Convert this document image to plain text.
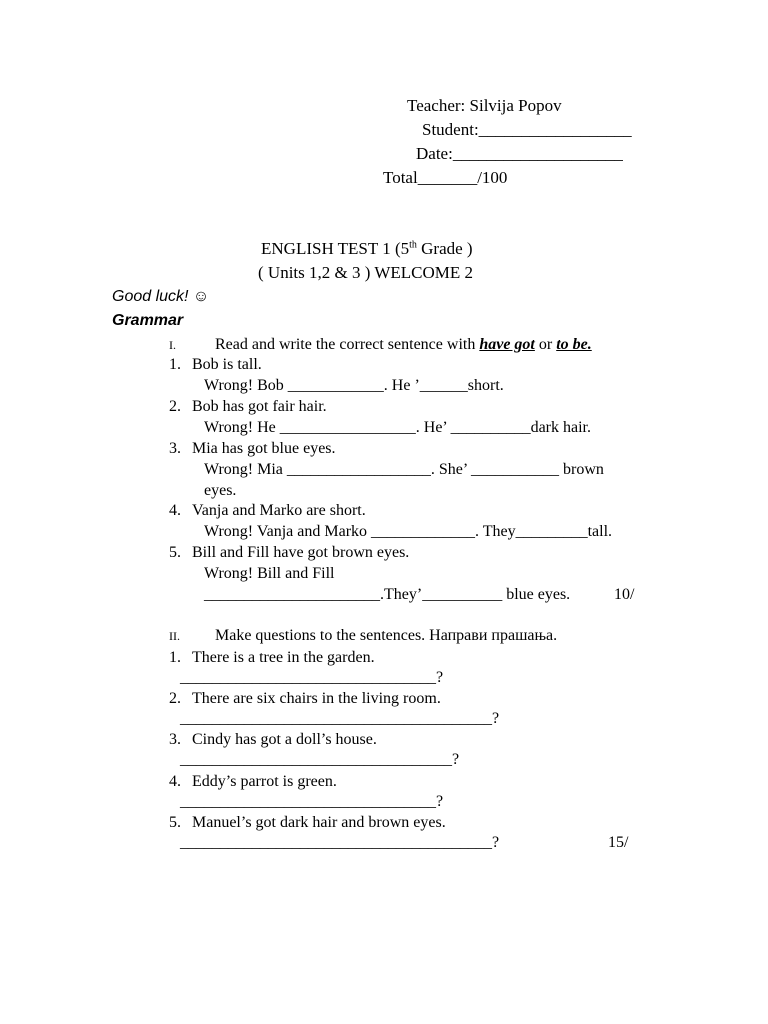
Teacher: Silvija Popov
Student:__________________
Date:____________________
Total_______/100
ENGLISH TEST 1 (5th Grade )
( Units 1,2 & 3 ) WELCOME 2
Good luck! ☺
Grammar
I. Read and write the correct sentence with have got or to be.
1. Bob is tall.
Wrong! Bob ____________. He ’______short.
2. Bob has got fair hair.
Wrong! He _________________. He’ __________dark hair.
3. Mia has got blue eyes.
Wrong! Mia __________________. She’ ___________ brown
eyes.
4. Vanja and Marko are short.
Wrong! Vanja and Marko _____________. They_________tall.
5. Bill and Fill have got brown eyes.
Wrong! Bill and Fill
______________________.They’__________ blue eyes.	10/
II. Make questions to the sentences. Направи прашања.
1. There is a tree in the garden.
________________________________?
2. There are six chairs in the living room.
_______________________________________?
3. Cindy has got a doll’s house.
__________________________________?
4. Eddy’s parrot is green.
________________________________?
5. Manuel’s got dark hair and brown eyes.
_______________________________________?	15/
